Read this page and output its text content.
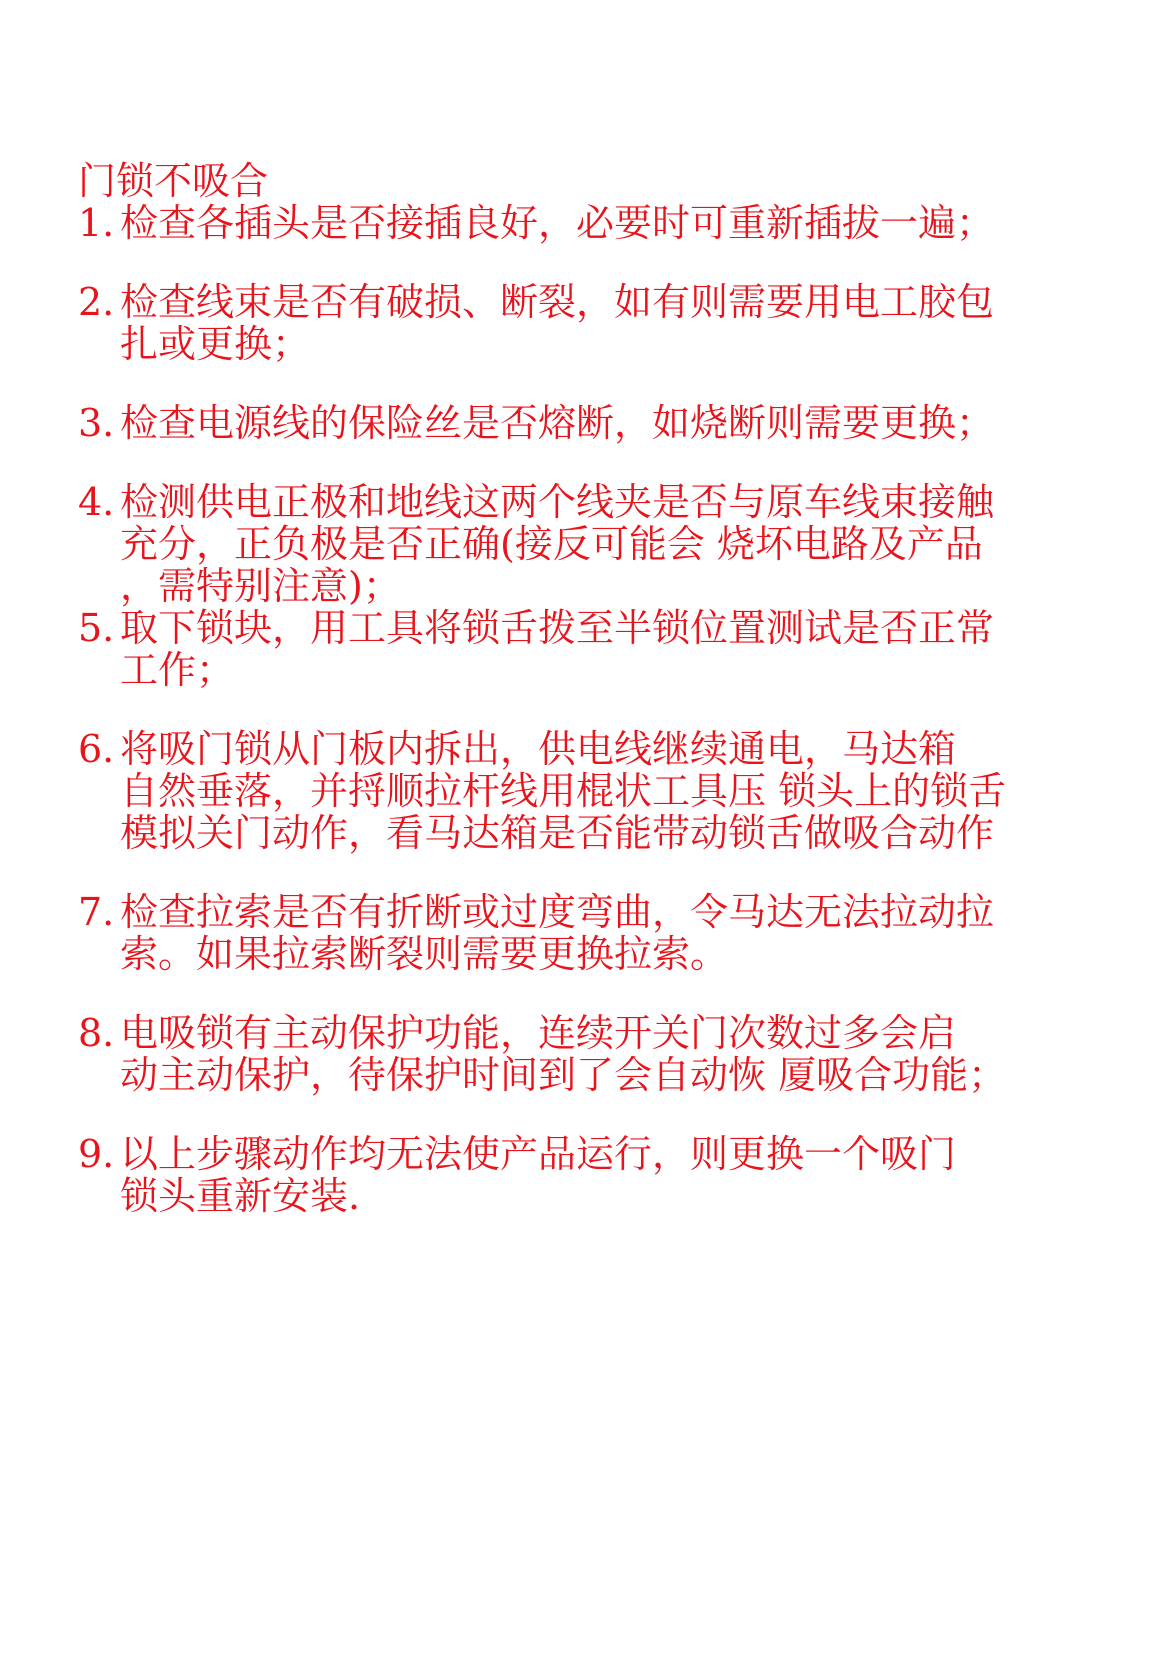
门锁不吸合
1. 检查各插头是否接插良好，必要时可重新插拔一遍；
2. 检查线束是否有破损、断裂，如有则需要用电工胶包
扎或更换；
3. 检查电源线的保险丝是否熔断，如烧断则需要更换；
4. 检测供电正极和地线这两个线夹是否与原车线束接触
充分，正负极是否正确(接反可能会 烧坏电路及产品
，需特别注意)；
5. 取下锁块，用工具将锁舌拨至半锁位置测试是否正常
工作；
6. 将吸门锁从门板内拆出，供电线继续通电，马达箱
自然垂落，并捋顺拉杆线用棍状工具压 锁头上的锁舌
模拟关门动作，看马达箱是否能带动锁舌做吸合动作
7. 检查拉索是否有折断或过度弯曲，令马达无法拉动拉
索。如果拉索断裂则需要更换拉索。
8. 电吸锁有主动保护功能，连续开关门次数过多会启
动主动保护，待保护时间到了会自动恢 厦吸合功能；
9. 以上步骤动作均无法使产品运行，则更换一个吸门
锁头重新安装.
